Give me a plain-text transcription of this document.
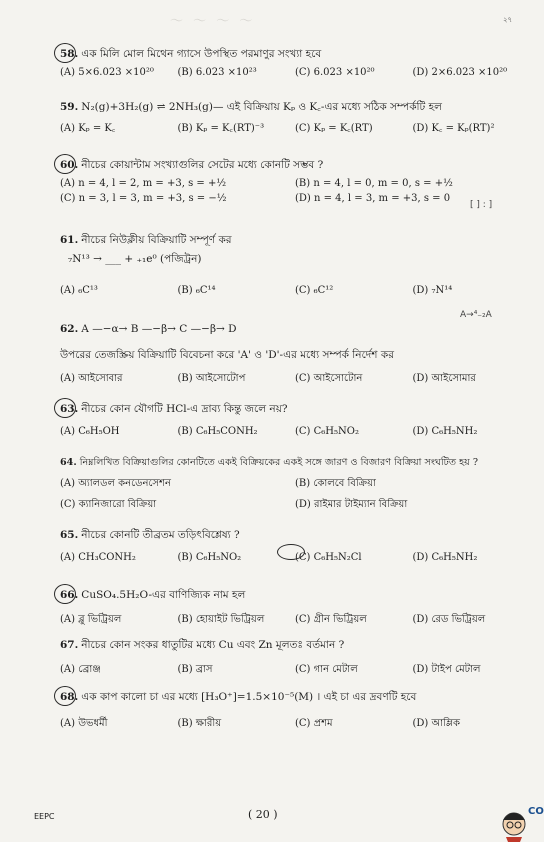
〜 〜 〜 〜	২৭
58. এক মিলি মোল মিথেন গ্যাসে উপস্থিত পরমাণুর সংখ্যা হবে
(A) 5×6.023 ×10²⁰	(B) 6.023 ×10²³	(C) 6.023 ×10²⁰	(D) 2×6.023 ×10²⁰
59. N₂(g)+3H₂(g) ⇌ 2NH₃(g)— এই বিক্রিয়ায় Kₚ ও K꜀-এর মধ্যে সঠিক সম্পর্কটি হল
(A) Kₚ = K꜀	(B) Kₚ = K꜀(RT)⁻³	(C) Kₚ = K꜀(RT)	(D) K꜀ = Kₚ(RT)²
60. নীচের কোয়ান্টাম সংখ্যাগুলির সেটের মধ্যে কোনটি সম্ভব ?
(A) n = 4, l = 2, m = +3, s = +½	(B) n = 4, l = 0, m = 0, s = +½
(C) n = 3, l = 3, m = +3, s = −½	(D) n = 4, l = 3, m = +3, s = 0
61. নীচের নিউক্লীয় বিক্রিয়াটি সম্পূর্ণ কর
₇N¹³ → ___ + ₊₁e⁰ (পজিট্রন)
(A) ₆C¹³	(B) ₆C¹⁴	(C) ₆C¹²	(D) ₇N¹⁴
62. A —−α→ B —−β→ C —−β→ D
উপরের তেজস্ক্রিয় বিক্রিয়াটি বিবেচনা করে 'A' ও 'D'-এর মধ্যে সম্পর্ক নির্দেশ কর
(A) আইসোবার	(B) আইসোটোপ	(C) আইসোটোন	(D) আইসোমার
63. নীচের কোন যৌগটি HCl-এ দ্রাব্য কিন্তু জলে নয়?
(A) C₆H₅OH	(B) C₆H₅CONH₂	(C) C₆H₅NO₂	(D) C₆H₅NH₂
64. নিম্নলিখিত বিক্রিয়াগুলির কোনটিতে একই বিক্রিয়কের একই সঙ্গে জারণ ও বিজারণ বিক্রিয়া সংঘটিত হয় ?
(A) অ্যালডল কনডেনসেশন	(B) কোলবে বিক্রিয়া
(C) ক্যানিজারো বিক্রিয়া	(D) রাইমার টাইম্যান বিক্রিয়া
65. নীচের কোনটি তীব্রতম তড়িৎবিশ্লেষ্য ?
(A) CH₃CONH₂	(B) C₆H₅NO₂	(C) C₆H₅N₂Cl	(D) C₆H₅NH₂
66. CuSO₄.5H₂O-এর বাণিজ্যিক নাম হল
(A) ব্লু ভিট্রিয়ল	(B) হোয়াইট ভিট্রিয়ল	(C) গ্রীন ভিট্রিয়ল	(D) রেড ভিট্রিয়ল
67. নীচের কোন সংকর ধাতুটির মধ্যে Cu এবং Zn মূলতঃ বর্তমান ?
(A) ব্রোঞ্জ	(B) ব্রাস	(C) গান মেটাল	(D) টাইপ মেটাল
68. এক কাপ কালো চা এর মধ্যে [H₃O⁺]=1.5×10⁻⁵(M) । এই চা এর দ্রবণটি হবে
(A) উভধর্মী	(B) ক্ষারীয়	(C) প্রশম	(D) আম্লিক
A→⁴₋₂A
[ ] : ]
EEPC	( 20 )	CO
